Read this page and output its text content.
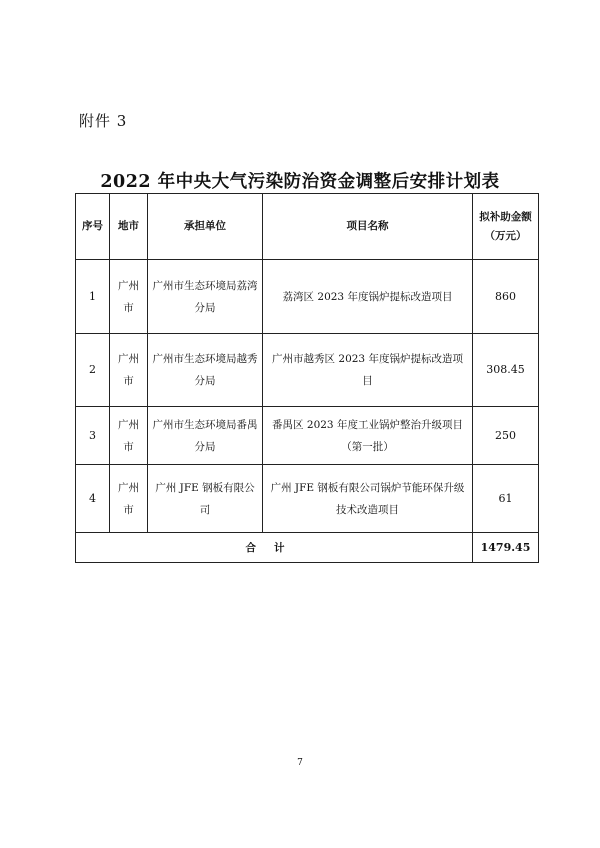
附件 3
2022 年中央大气污染防治资金调整后安排计划表
序号	地市	承担单位	项目名称	拟补助金额（万元）
1	广州市	广州市生态环境局荔湾分局	荔湾区 2023 年度锅炉提标改造项目	860
2	广州市	广州市生态环境局越秀分局	广州市越秀区 2023 年度锅炉提标改造项目	308.45
3	广州市	广州市生态环境局番禺分局	番禺区 2023 年度工业锅炉整治升级项目（第一批）	250
4	广州市	广州 JFE 钢板有限公司	广州 JFE 钢板有限公司锅炉节能环保升级技术改造项目	61
合计				1479.45
7
